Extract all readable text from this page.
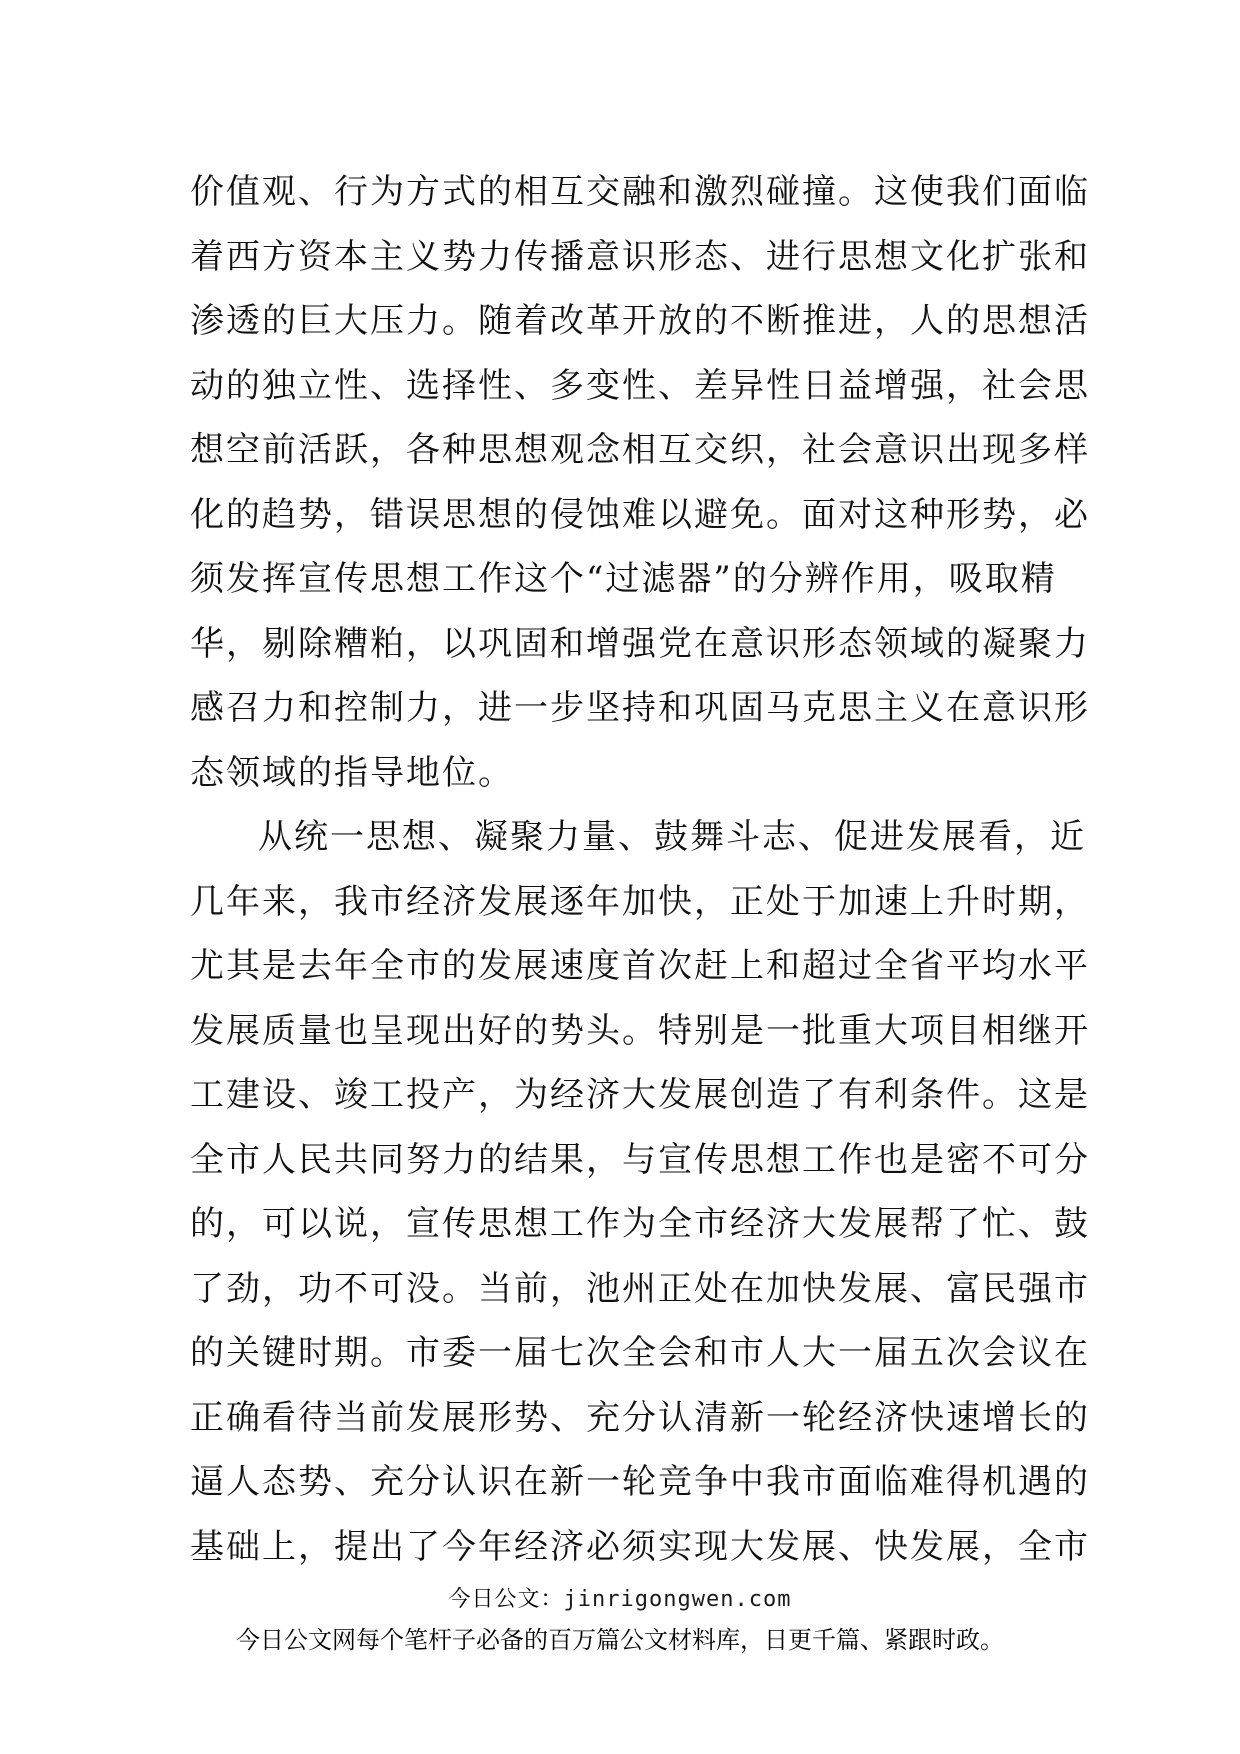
价值观、行为方式的相互交融和激烈碰撞。这使我们面临
着西方资本主义势力传播意识形态、进行思想文化扩张和
渗透的巨大压力。随着改革开放的不断推进，人的思想活
动的独立性、选择性、多变性、差异性日益增强，社会思
想空前活跃，各种思想观念相互交织，社会意识出现多样
化的趋势，错误思想的侵蚀难以避免。面对这种形势，必
须发挥宣传思想工作这个“过滤器”的分辨作用，吸取精
华，剔除糟粕，以巩固和增强党在意识形态领域的凝聚力
感召力和控制力，进一步坚持和巩固马克思主义在意识形
态领域的指导地位。
从统一思想、凝聚力量、鼓舞斗志、促进发展看，近
几年来，我市经济发展逐年加快，正处于加速上升时期，
尤其是去年全市的发展速度首次赶上和超过全省平均水平
发展质量也呈现出好的势头。特别是一批重大项目相继开
工建设、竣工投产，为经济大发展创造了有利条件。这是
全市人民共同努力的结果，与宣传思想工作也是密不可分
的，可以说，宣传思想工作为全市经济大发展帮了忙、鼓
了劲，功不可没。当前，池州正处在加快发展、富民强市
的关键时期。市委一届七次全会和市人大一届五次会议在
正确看待当前发展形势、充分认清新一轮经济快速增长的
逼人态势、充分认识在新一轮竞争中我市面临难得机遇的
基础上，提出了今年经济必须实现大发展、快发展，全市
今日公文：jinrigongwen.com
今日公文网每个笔杆子必备的百万篇公文材料库，日更千篇、紧跟时政。
